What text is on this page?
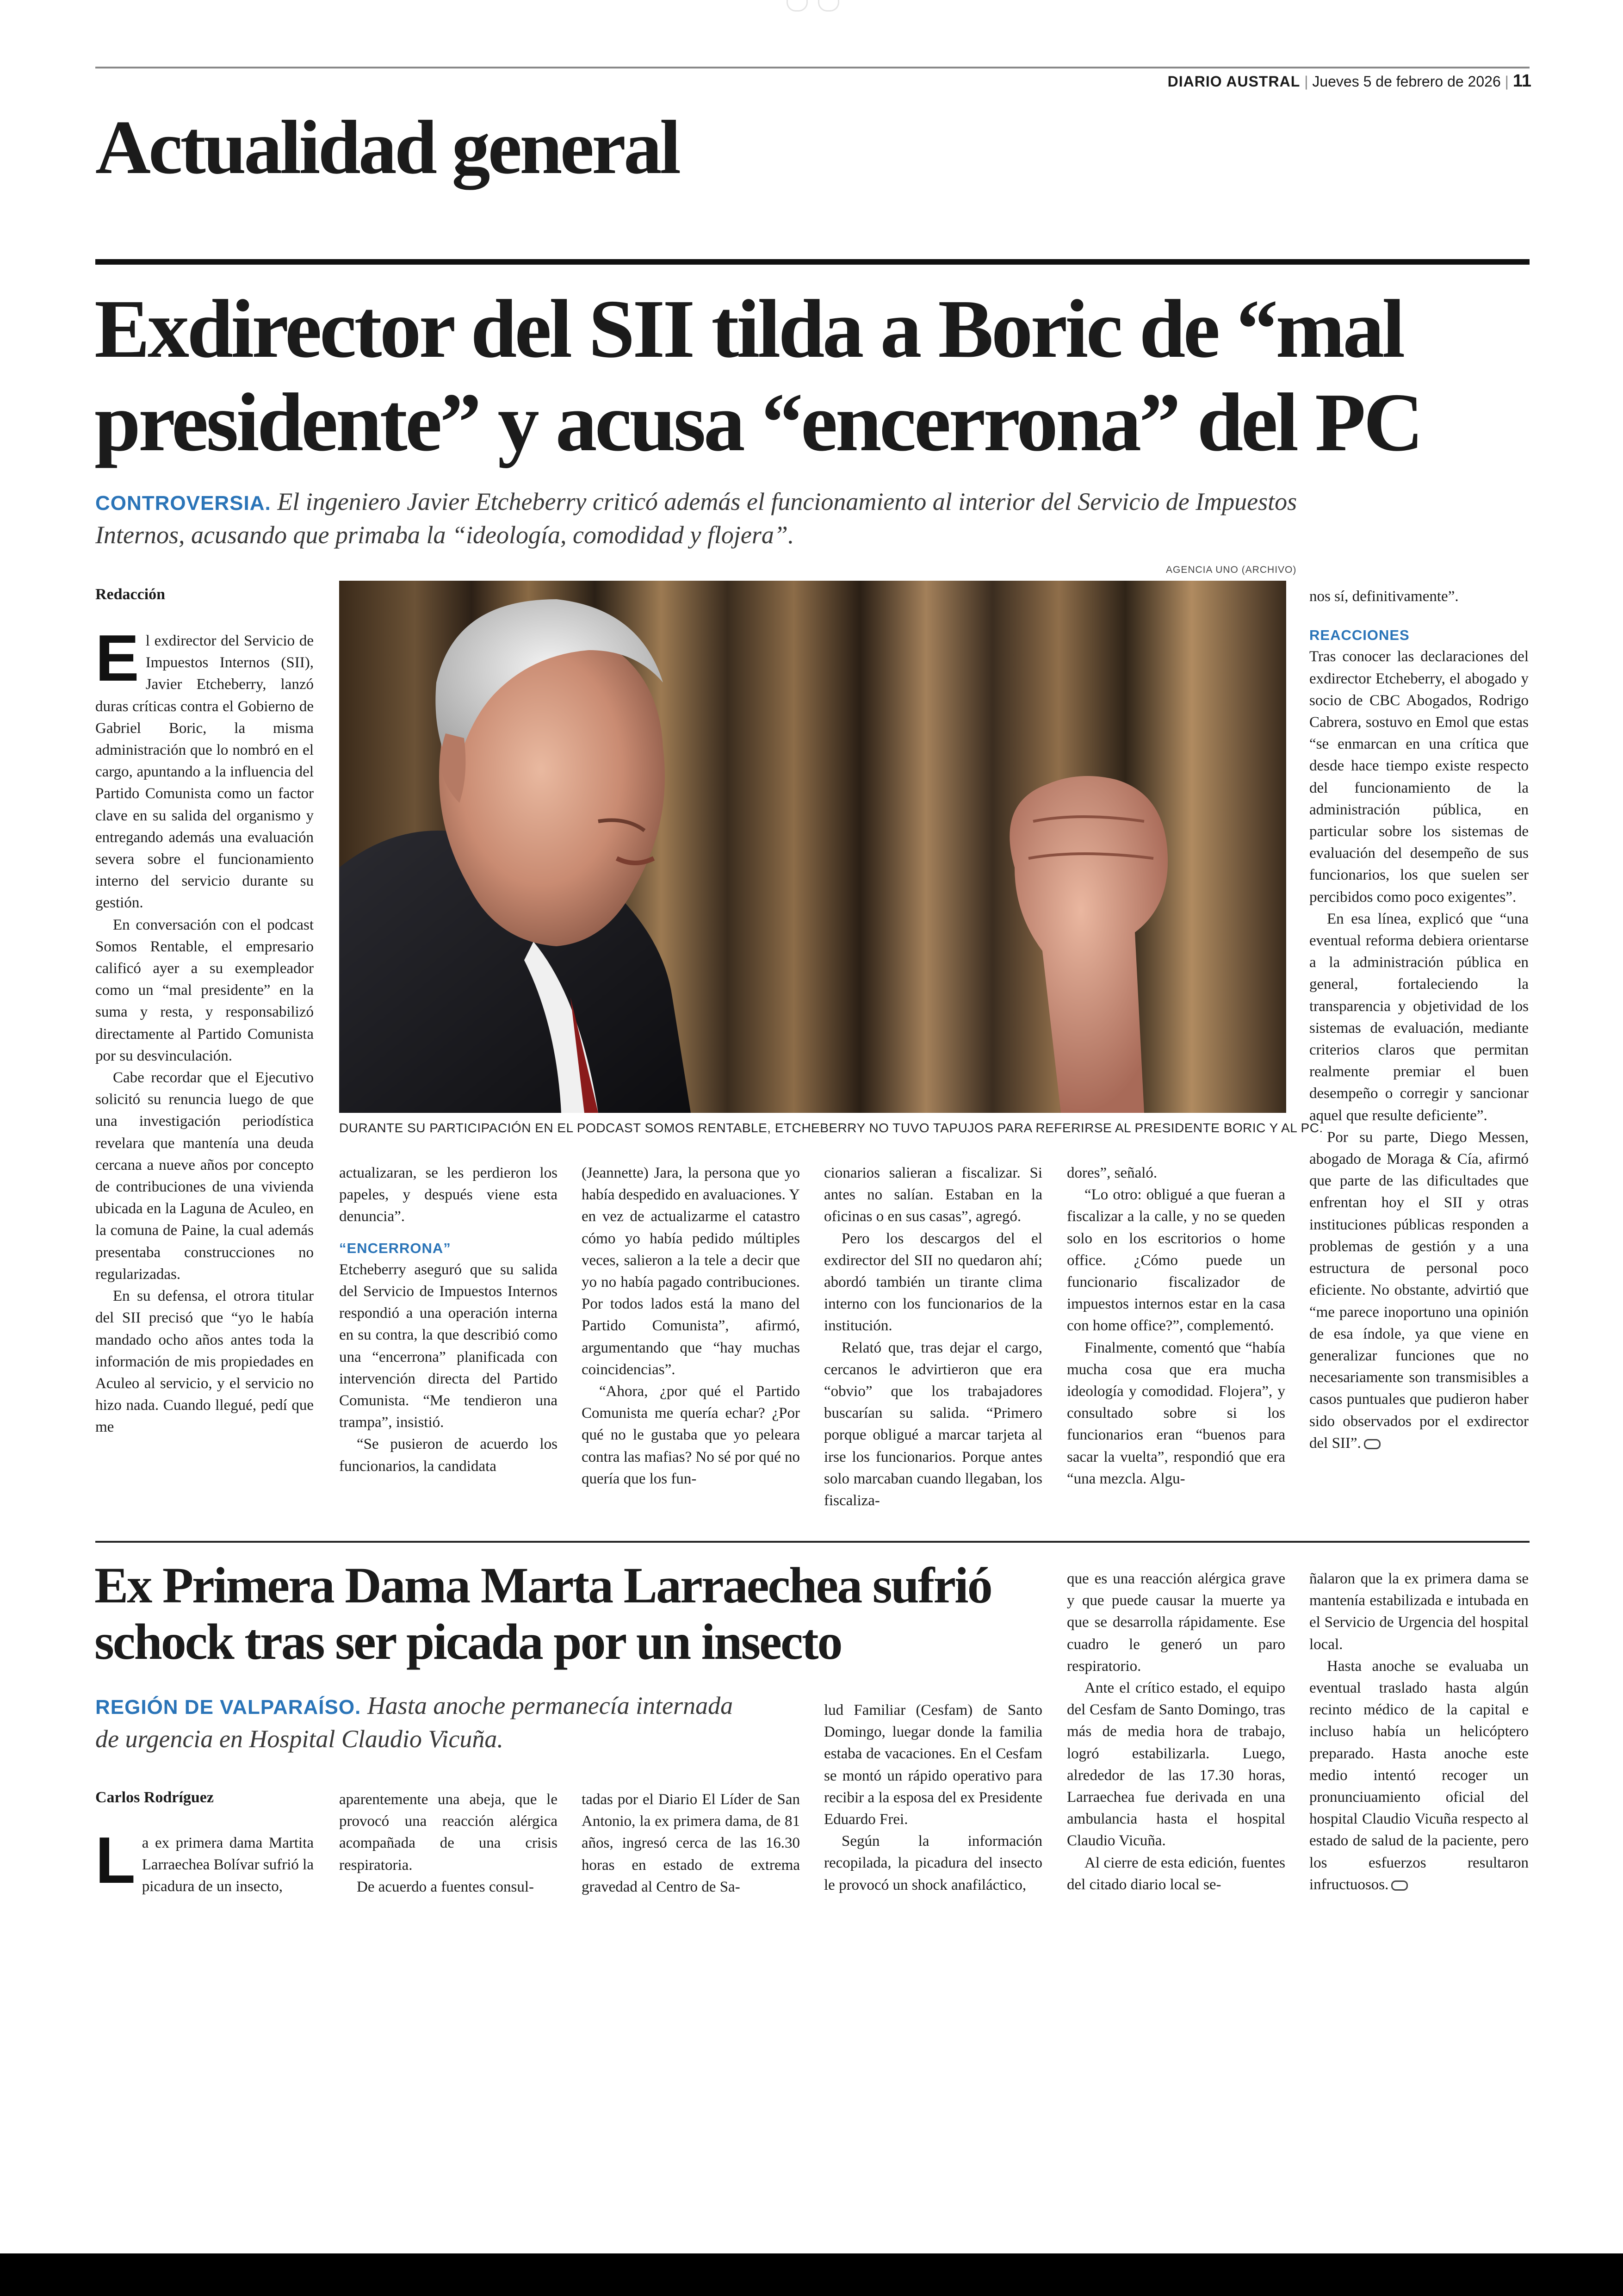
DIARIO AUSTRAL | Jueves 5 de febrero de 2026 | 11
Actualidad general
Exdirector del SII tilda a Boric de “mal
presidente” y acusa “encerrona” del PC
CONTROVERSIA. El ingeniero Javier Etcheberry criticó además el funcionamiento al interior del Servicio de Impuestos
Internos, acusando que primaba la “ideología, comodidad y flojera”.
AGENCIA UNO (ARCHIVO)
DURANTE SU PARTICIPACIÓN EN EL PODCAST SOMOS RENTABLE, ETCHEBERRY NO TUVO TAPUJOS PARA REFERIRSE AL PRESIDENTE BORIC Y AL PC.
Redacción

El exdirector del Servicio de Impuestos Internos (SII), Javier Etcheberry, lanzó duras críticas contra el Gobierno de Gabriel Boric, la misma administración que lo nombró en el cargo, apuntando a la influencia del Partido Comunista como un factor clave en su salida del organismo y entregando además una evaluación severa sobre el funcionamiento interno del servicio durante su gestión.

En conversación con el podcast Somos Rentable, el empresario calificó ayer a su exempleador como un “mal presidente” en la suma y resta, y responsabilizó directamente al Partido Comunista por su desvinculación.

Cabe recordar que el Ejecutivo solicitó su renuncia luego de que una investigación periodística revelara que mantenía una deuda cercana a nueve años por concepto de contribuciones de una vivienda ubicada en la Laguna de Aculeo, en la comuna de Paine, la cual además presentaba construcciones no regularizadas.

En su defensa, el otrora titular del SII precisó que “yo le había mandado ocho años antes toda la información de mis propiedades en Aculeo al servicio, y el servicio no hizo nada. Cuando llegué, pedí que me

actualizaran, se les perdieron los papeles, y después viene esta denuncia”.

“ENCERRONA”

Etcheberry aseguró que su salida del Servicio de Impuestos Internos respondió a una operación interna en su contra, la que describió como una “encerrona” planificada con intervención directa del Partido Comunista. “Me tendieron una trampa”, insistió.

“Se pusieron de acuerdo los funcionarios, la candidata

(Jeannette) Jara, la persona que yo había despedido en avaluaciones. Y en vez de actualizarme el catastro cómo yo había pedido múltiples veces, salieron a la tele a decir que yo no había pagado contribuciones. Por todos lados está la mano del Partido Comunista”, afirmó, argumentando que “hay muchas coincidencias”.

“Ahora, ¿por qué el Partido Comunista me quería echar? ¿Por qué no le gustaba que yo peleara contra las mafias? No sé por qué no quería que los fun-

cionarios salieran a fiscalizar. Si antes no salían. Estaban en la oficinas o en sus casas”, agregó.

Pero los descargos del el exdirector del SII no quedaron ahí; abordó también un tirante clima interno con los funcionarios de la institución.

Relató que, tras dejar el cargo, cercanos le advirtieron que era “obvio” que los trabajadores buscarían su salida. “Primero porque obligué a marcar tarjeta al irse los funcionarios. Porque antes solo marcaban cuando llegaban, los fiscaliza-

dores”, señaló.

“Lo otro: obligué a que fueran a fiscalizar a la calle, y no se queden solo en los escritorios o home office. ¿Cómo puede un funcionario fiscalizador de impuestos internos estar en la casa con home office?”, complementó.

Finalmente, comentó que “había mucha cosa que era mucha ideología y comodidad. Flojera”, y consultado sobre si los funcionarios eran “buenos para sacar la vuelta”, respondió que era “una mezcla. Algu-

nos sí, definitivamente”.

REACCIONES

Tras conocer las declaraciones del exdirector Etcheberry, el abogado y socio de CBC Abogados, Rodrigo Cabrera, sostuvo en Emol que estas “se enmarcan en una crítica que desde hace tiempo existe respecto del funcionamiento de la administración pública, en particular sobre los sistemas de evaluación del desempeño de sus funcionarios, los que suelen ser percibidos como poco exigentes”.

En esa línea, explicó que “una eventual reforma debiera orientarse a la administración pública en general, fortaleciendo la transparencia y objetividad de los sistemas de evaluación, mediante criterios claros que permitan realmente premiar el buen desempeño o corregir y sancionar aquel que resulte deficiente”.

Por su parte, Diego Messen, abogado de Moraga & Cía, afirmó que parte de las dificultades que enfrentan hoy el SII y otras instituciones públicas responden a problemas de gestión y a una estructura de personal poco eficiente. No obstante, advirtió que “me parece inoportuno una opinión de esa índole, ya que viene en generalizar funciones que no necesariamente son transmisibles a casos puntuales que pudieron haber sido observados por el exdirector del SII”.

Ex Primera Dama Marta Larraechea sufrió
schock tras ser picada por un insecto
REGIÓN DE VALPARAÍSO. Hasta anoche permanecía internada
de urgencia en Hospital Claudio Vicuña.
Carlos Rodríguez

La ex primera dama Martita Larraechea Bolívar sufrió la picadura de un insecto,

aparentemente una abeja, que le provocó una reacción alérgica acompañada de una crisis respiratoria.

De acuerdo a fuentes consul-

tadas por el Diario El Líder de San Antonio, la ex primera dama, de 81 años, ingresó cerca de las 16.30 horas en estado de extrema gravedad al Centro de Sa-

lud Familiar (Cesfam) de Santo Domingo, luegar donde la familia estaba de vacaciones. En el Cesfam se montó un rápido operativo para recibir a la esposa del ex Presidente Eduardo Frei.

Según la información recopilada, la picadura del insecto le provocó un shock anafiláctico,

que es una reacción alérgica grave y que puede causar la muerte ya que se desarrolla rápidamente. Ese cuadro le generó un paro respiratorio.

Ante el crítico estado, el equipo del Cesfam de Santo Domingo, tras más de media hora de trabajo, logró estabilizarla. Luego, alrededor de las 17.30 horas, Larraechea fue derivada en una ambulancia hasta el hospital Claudio Vicuña.

Al cierre de esta edición, fuentes del citado diario local se-

ñalaron que la ex primera dama se mantenía estabilizada e intubada en el Servicio de Urgencia del hospital local.

Hasta anoche se evaluaba un eventual traslado hasta algún recinto médico de la capital e incluso había un helicóptero preparado. Hasta anoche este medio intentó recoger un pronunciuamiento oficial del hospital Claudio Vicuña respecto al estado de salud de la paciente, pero los esfuerzos resultaron infructuosos.
